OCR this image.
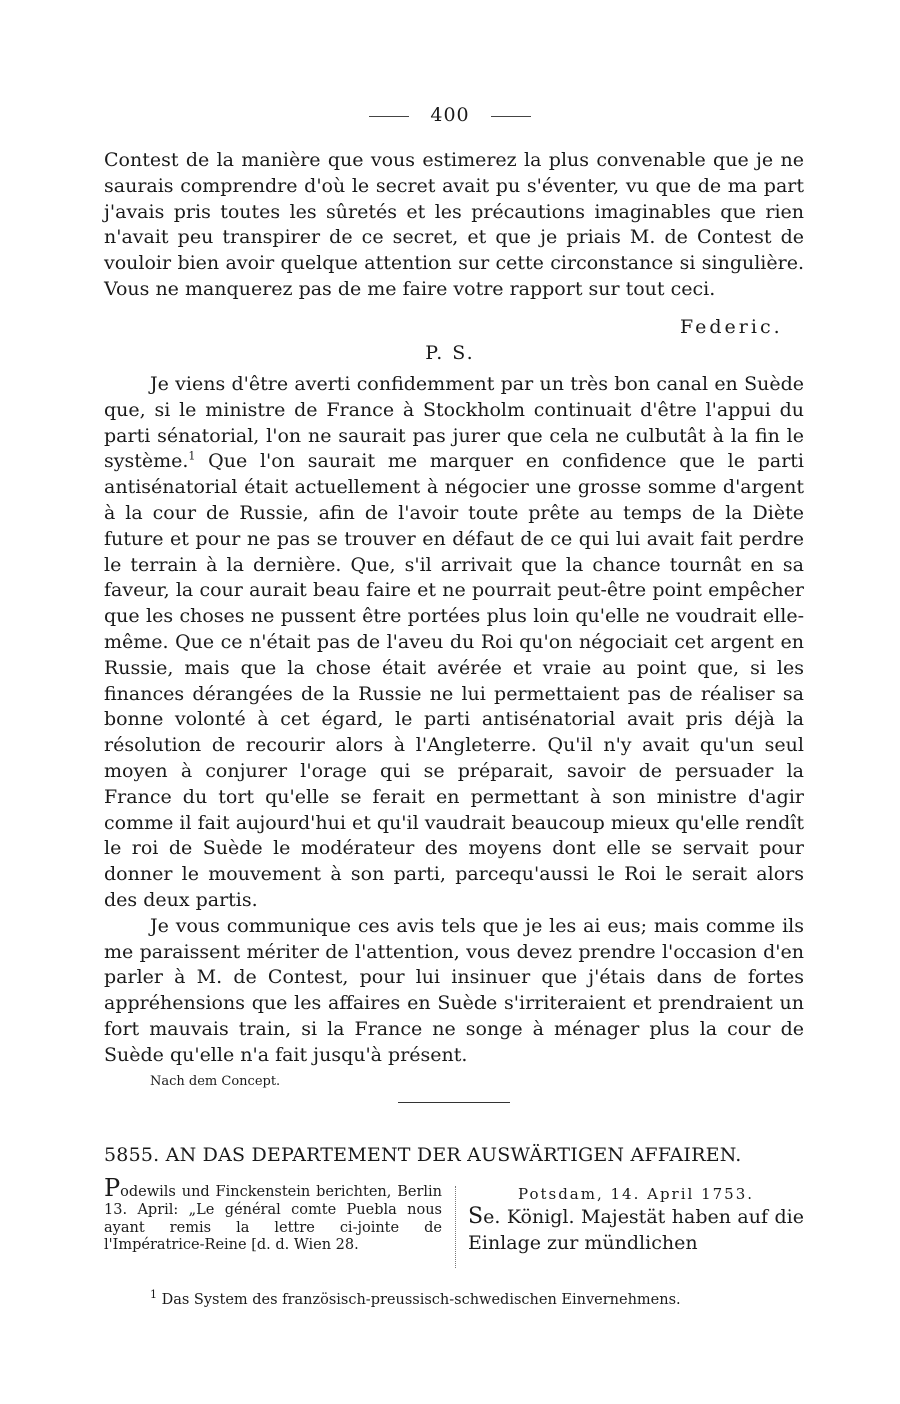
400

Contest de la manière que vous estimerez la plus convenable que je ne saurais comprendre d'où le secret avait pu s'éventer, vu que de ma part j'avais pris toutes les sûretés et les précautions imaginables que rien n'avait peu transpirer de ce secret, et que je priais M. de Contest de vouloir bien avoir quelque attention sur cette circonstance si singulière. Vous ne manquerez pas de me faire votre rapport sur tout ceci.

Federic.
P. S.

Je viens d'être averti confidemment par un très bon canal en Suède que, si le ministre de France à Stockholm continuait d'être l'appui du parti sénatorial, l'on ne saurait pas jurer que cela ne culbutât à la fin le système.$^1$ Que l'on saurait me marquer en confidence que le parti antisénatorial était actuellement à négocier une grosse somme d'argent à la cour de Russie, afin de l'avoir toute prête au temps de la Diète future et pour ne pas se trouver en défaut de ce qui lui avait fait perdre le terrain à la dernière. Que, s'il arrivait que la chance tournât en sa faveur, la cour aurait beau faire et ne pourrait peut-être point empêcher que les choses ne pussent être portées plus loin qu'elle ne voudrait elle-même. Que ce n'était pas de l'aveu du Roi qu'on négociait cet argent en Russie, mais que la chose était avérée et vraie au point que, si les finances dérangées de la Russie ne lui permettaient pas de réaliser sa bonne volonté à cet égard, le parti antisénatorial avait pris déjà la résolution de recourir alors à l'Angleterre. Qu'il n'y avait qu'un seul moyen à conjurer l'orage qui se préparait, savoir de persuader la France du tort qu'elle se ferait en permettant à son ministre d'agir comme il fait aujourd'hui et qu'il vaudrait beaucoup mieux qu'elle rendît le roi de Suède le modérateur des moyens dont elle se servait pour donner le mouvement à son parti, parcequ'aussi le Roi le serait alors des deux partis.

Je vous communique ces avis tels que je les ai eus; mais comme ils me paraissent mériter de l'attention, vous devez prendre l'occasion d'en parler à M. de Contest, pour lui insinuer que j'étais dans de fortes appréhensions que les affaires en Suède s'irriteraient et prendraient un fort mauvais train, si la France ne songe à ménager plus la cour de Suède qu'elle n'a fait jusqu'à présent.

Nach dem Concept.
5855. AN DAS DEPARTEMENT DER AUSWÄRTIGEN AFFAIREN.
Podewils und Finckenstein berichten, Berlin 13. April: „Le général comte Puebla nous ayant remis la lettre ci-jointe de l'Impératrice-Reine [d. d. Wien 28.
Potsdam, 14. April 1753.
Se. Königl. Majestät haben auf die Einlage zur mündlichen
$^1$ Das System des französisch-preussisch-schwedischen Einvernehmens.
